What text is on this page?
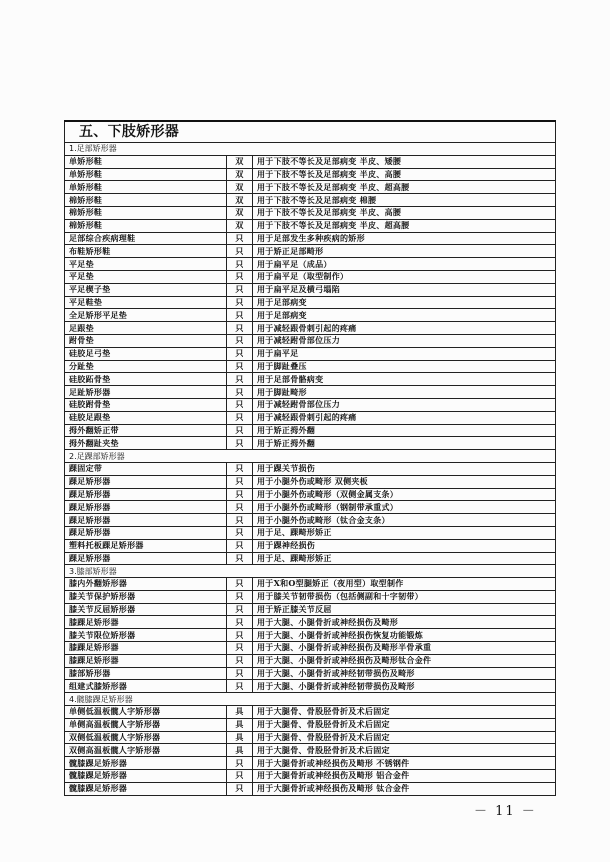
五、下肢矫形器		
1.足部矫形器		
单矫形鞋	双	用于下肢不等长及足部病变 半皮、矮腰
单矫形鞋	双	用于下肢不等长及足部病变 半皮、高腰
单矫形鞋	双	用于下肢不等长及足部病变 半皮、超高腰
棉矫形鞋	双	用于下肢不等长及足部病变 棉腰
棉矫形鞋	双	用于下肢不等长及足部病变 半皮、高腰
棉矫形鞋	双	用于下肢不等长及足部病变 半皮、超高腰
足部综合疾病理鞋	只	用于足部发生多种疾病的矫形
布鞋矫形鞋	只	用于矫正足部畸形
平足垫	只	用于扁平足（成品）
平足垫	只	用于扁平足（取型制作）
平足楔子垫	只	用于扁平足及横弓塌陷
平足鞋垫	只	用于足部病变
全足矫形平足垫	只	用于足部病变
足跟垫	只	用于减轻跟骨刺引起的疼痛
跗骨垫	只	用于减轻跗骨部位压力
硅胶足弓垫	只	用于扁平足
分趾垫	只	用于脚趾叠压
硅胶跖骨垫	只	用于足部骨骼病变
足趾矫形器	只	用于脚趾畸形
硅胶跗骨垫	只	用于减轻跗骨部位压力
硅胶足跟垫	只	用于减轻跟骨刺引起的疼痛
拇外翻矫正带	只	用于矫正拇外翻
拇外翻趾夹垫	只	用于矫正拇外翻
2.足踝部矫形器		
踝固定带	只	用于踝关节损伤
踝足矫形器	只	用于小腿外伤或畸形 双侧夹板
踝足矫形器	只	用于小腿外伤或畸形（双侧金属支条）
踝足矫形器	只	用于小腿外伤或畸形（钢制带承重式）
踝足矫形器	只	用于小腿外伤或畸形（钛合金支条）
踝足矫形器	只	用于足、踝畸形矫正
塑料托板踝足矫形器	只	用于踝神经损伤
踝足矫形器	只	用于足、踝畸形矫正
3.膝部矫形器		
膝内外翻矫形器	只	用于X和O型腿矫正（夜用型）取型制作
膝关节保护矫形器	只	用于膝关节韧带损伤（包括侧副和十字韧带）
膝关节反屈矫形器	只	用于矫正膝关节反屈
膝踝足矫形器	只	用于大腿、小腿骨折或神经损伤及畸形
膝关节限位矫形器	只	用于大腿、小腿骨折或神经损伤恢复功能锻炼
膝踝足矫形器	只	用于大腿、小腿骨折或神经损伤及畸形半骨承重
膝踝足矫形器	只	用于大腿、小腿骨折或神经损伤及畸形钛合金件
膝部矫形器	只	用于大腿、小腿骨折或神经韧带损伤及畸形
组建式膝矫形器	只	用于大腿、小腿骨折或神经韧带损伤及畸形
4.髋膝踝足矫形器		
单侧低温板髋人字矫形器	具	用于大腿骨、骨股胫骨折及术后固定
单侧高温板髋人字矫形器	具	用于大腿骨、骨股胫骨折及术后固定
双侧低温板髋人字矫形器	具	用于大腿骨、骨股胫骨折及术后固定
双侧高温板髋人字矫形器	具	用于大腿骨、骨股胫骨折及术后固定
髋膝踝足矫形器	只	用于大腿骨折或神经损伤及畸形 不锈钢件
髋膝踝足矫形器	只	用于大腿骨折或神经损伤及畸形 铝合金件
髋膝踝足矫形器	只	用于大腿骨折或神经损伤及畸形 钛合金件
－ 11 －
